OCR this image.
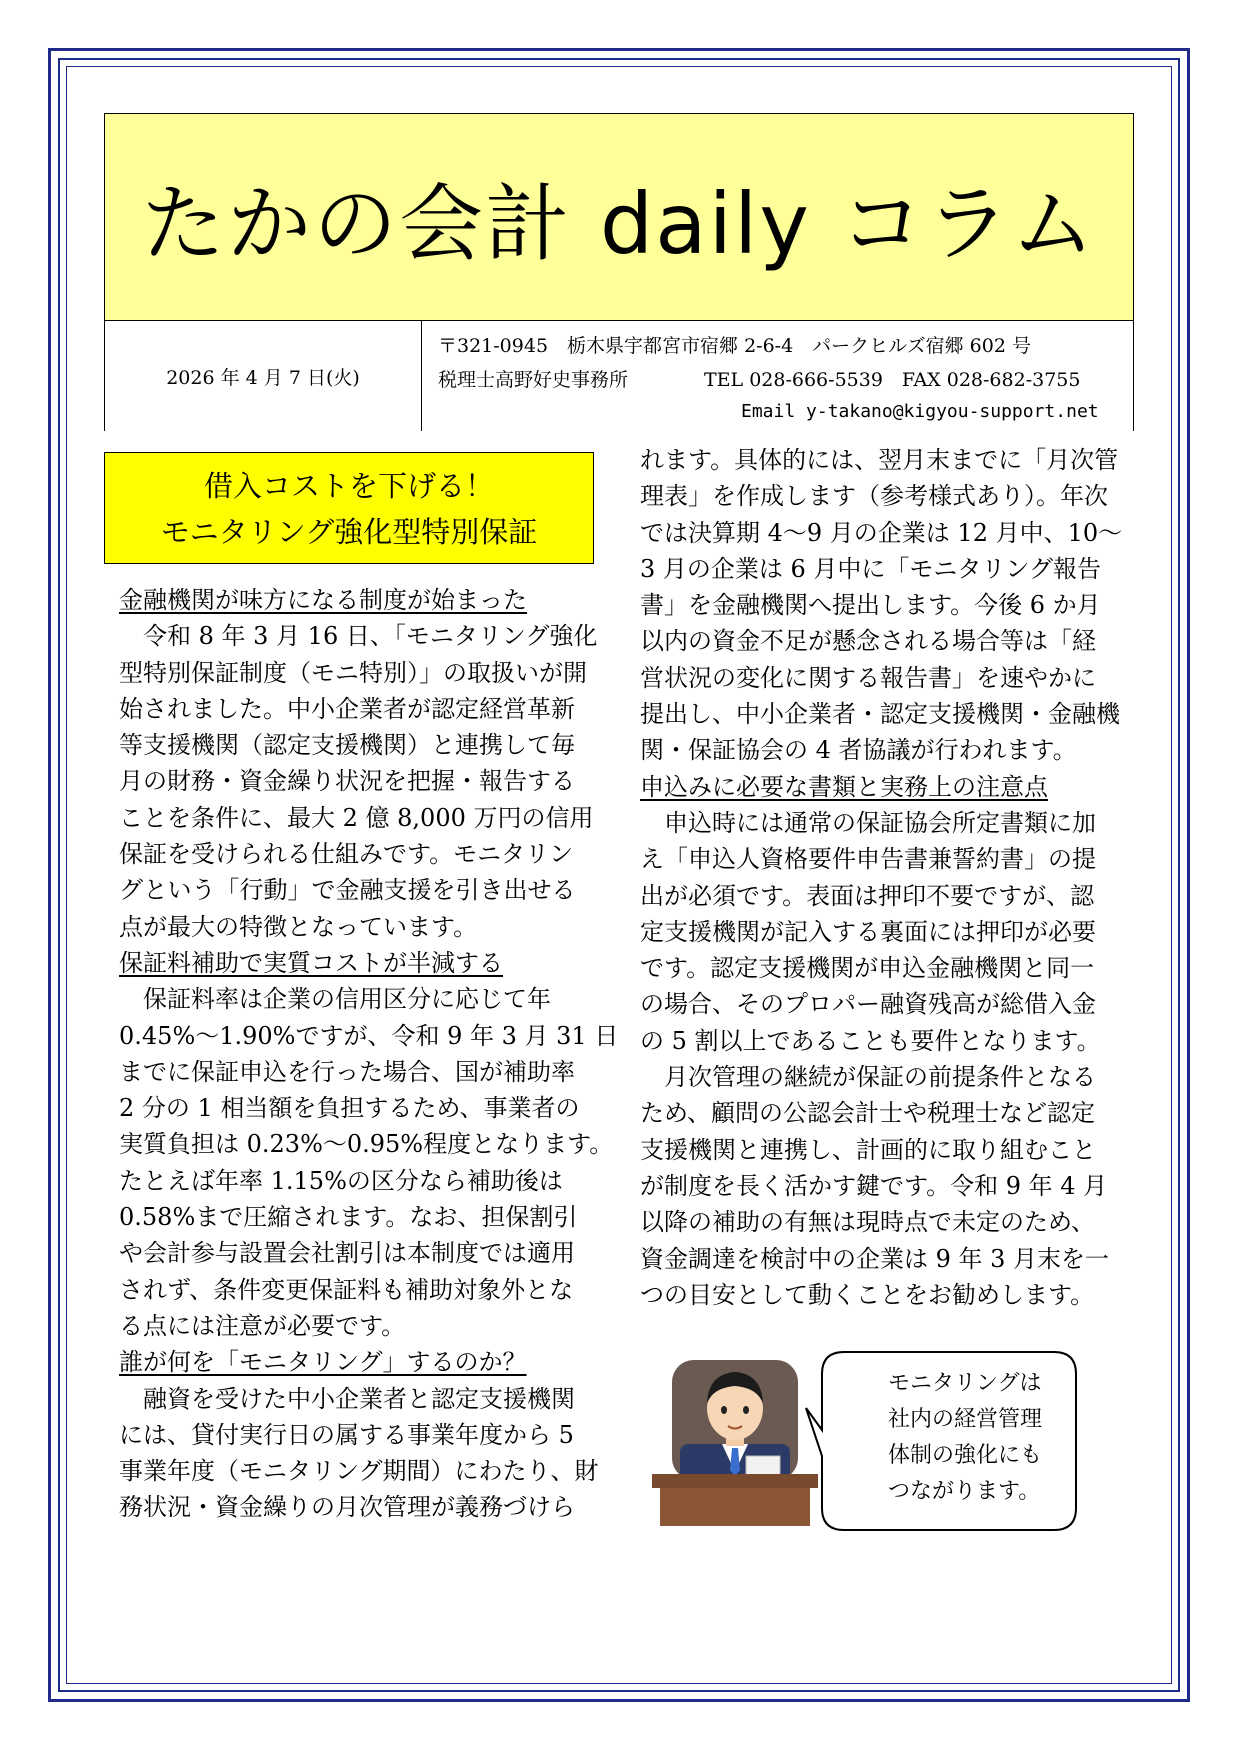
たかの会計 daily コラム
2026 年 4 月 7 日(火)
〒321-0945　栃木県宇都宮市宿郷 2-6-4　パークヒルズ宿郷 602 号
税理士高野好史事務所　　　　TEL 028-666-5539　FAX 028-682-3755
Email y-takano@kigyou-support.net
借入コストを下げる！
モニタリング強化型特別保証
金融機関が味方になる制度が始まった
　令和 8 年 3 月 16 日、「モニタリング強化
型特別保証制度（モニ特別）」の取扱いが開
始されました。中小企業者が認定経営革新
等支援機関（認定支援機関）と連携して毎
月の財務・資金繰り状況を把握・報告する
ことを条件に、最大 2 億 8,000 万円の信用
保証を受けられる仕組みです。モニタリン
グという「行動」で金融支援を引き出せる
点が最大の特徴となっています。
保証料補助で実質コストが半減する
　保証料率は企業の信用区分に応じて年
0.45%～1.90%ですが、令和 9 年 3 月 31 日
までに保証申込を行った場合、国が補助率
2 分の 1 相当額を負担するため、事業者の
実質負担は 0.23%～0.95%程度となります。
たとえば年率 1.15%の区分なら補助後は
0.58%まで圧縮されます。なお、担保割引
や会計参与設置会社割引は本制度では適用
されず、条件変更保証料も補助対象外とな
る点には注意が必要です。
誰が何を「モニタリング」するのか？
　融資を受けた中小企業者と認定支援機関
には、貸付実行日の属する事業年度から 5
事業年度（モニタリング期間）にわたり、財
務状況・資金繰りの月次管理が義務づけら
れます。具体的には、翌月末までに「月次管
理表」を作成します（参考様式あり）。年次
では決算期 4～9 月の企業は 12 月中、10～
3 月の企業は 6 月中に「モニタリング報告
書」を金融機関へ提出します。今後 6 か月
以内の資金不足が懸念される場合等は「経
営状況の変化に関する報告書」を速やかに
提出し、中小企業者・認定支援機関・金融機
関・保証協会の 4 者協議が行われます。
申込みに必要な書類と実務上の注意点
　申込時には通常の保証協会所定書類に加
え「申込人資格要件申告書兼誓約書」の提
出が必須です。表面は押印不要ですが、認
定支援機関が記入する裏面には押印が必要
です。認定支援機関が申込金融機関と同一
の場合、そのプロパー融資残高が総借入金
の 5 割以上であることも要件となります。
　月次管理の継続が保証の前提条件となる
ため、顧問の公認会計士や税理士など認定
支援機関と連携し、計画的に取り組むこと
が制度を長く活かす鍵です。令和 9 年 4 月
以降の補助の有無は現時点で未定のため、
資金調達を検討中の企業は 9 年 3 月末を一
つの目安として動くことをお勧めします。
モニタリングは
社内の経営管理
体制の強化にも
つながります。
